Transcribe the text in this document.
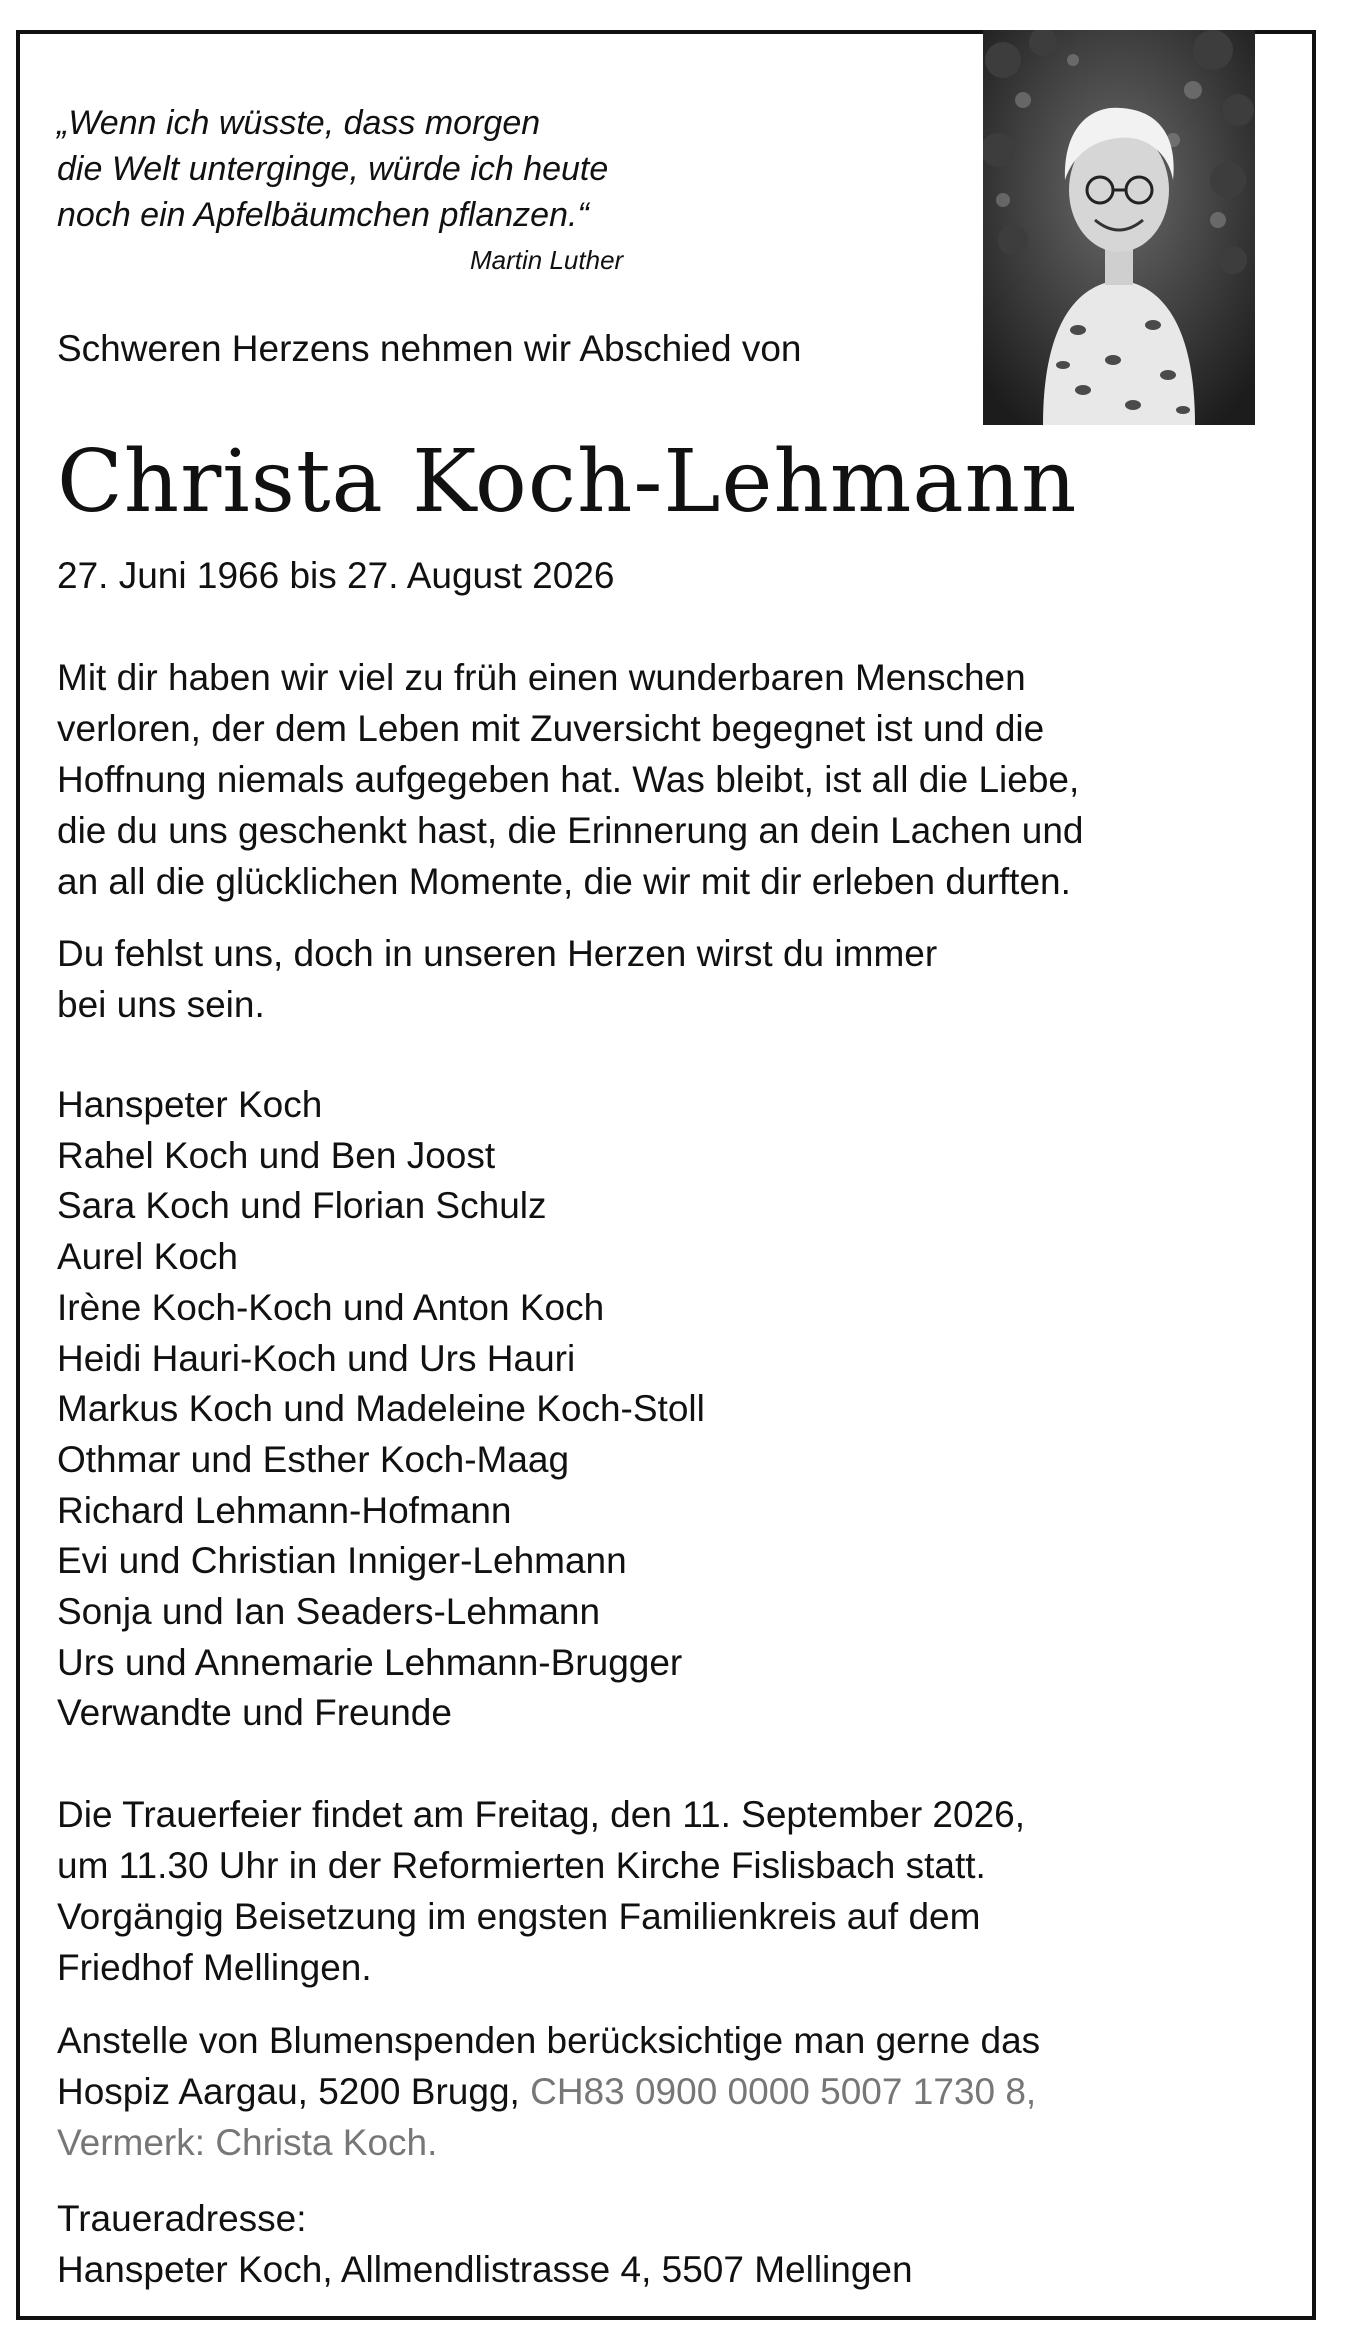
„Wenn ich wüsste, dass morgen
die Welt unterginge, würde ich heute
noch ein Apfelbäumchen pflanzen.“
Martin Luther
Schweren Herzens nehmen wir Abschied von
Christa Koch-Lehmann
27. Juni 1966 bis 27. August 2026
Mit dir haben wir viel zu früh einen wunderbaren Menschen
verloren, der dem Leben mit Zuversicht begegnet ist und die
Hoffnung niemals aufgegeben hat. Was bleibt, ist all die Liebe,
die du uns geschenkt hast, die Erinnerung an dein Lachen und
an all die glücklichen Momente, die wir mit dir erleben durften.
Du fehlst uns, doch in unseren Herzen wirst du immer
bei uns sein.
Hanspeter Koch
Rahel Koch und Ben Joost
Sara Koch und Florian Schulz
Aurel Koch
Irène Koch-Koch und Anton Koch
Heidi Hauri-Koch und Urs Hauri
Markus Koch und Madeleine Koch-Stoll
Othmar und Esther Koch-Maag
Richard Lehmann-Hofmann
Evi und Christian Inniger-Lehmann
Sonja und Ian Seaders-Lehmann
Urs und Annemarie Lehmann-Brugger
Verwandte und Freunde
Die Trauerfeier findet am Freitag, den 11. September 2026,
um 11.30 Uhr in der Reformierten Kirche Fislisbach statt.
Vorgängig Beisetzung im engsten Familienkreis auf dem
Friedhof Mellingen.
Anstelle von Blumenspenden berücksichtige man gerne das
Hospiz Aargau, 5200 Brugg, CH83 0900 0000 5007 1730 8,
Vermerk: Christa Koch.
Traueradresse:
Hanspeter Koch, Allmendlistrasse 4, 5507 Mellingen
